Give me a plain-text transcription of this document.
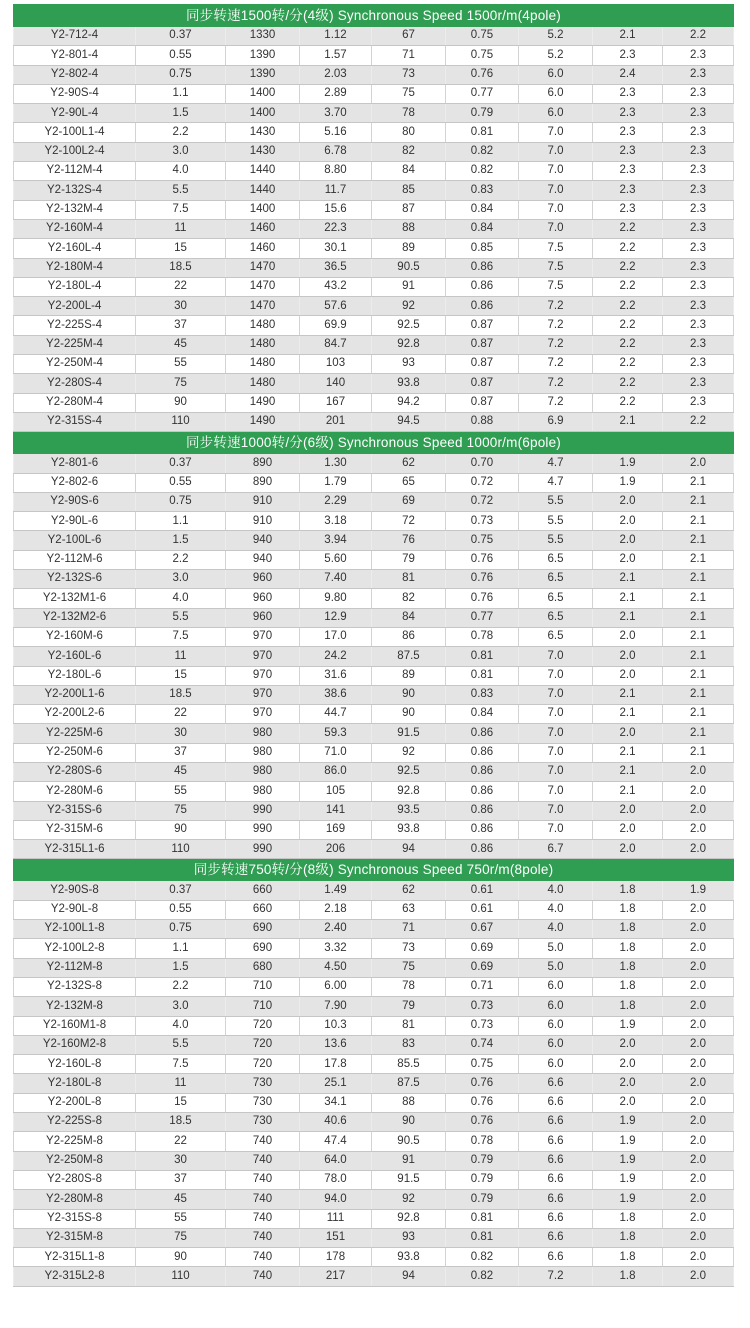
同步转速1500转/分(4级) Synchronous Speed 1500r/m(4pole)								
Y2-712-4	0.37	1330	1.12	67	0.75	5.2	2.1	2.2
Y2-801-4	0.55	1390	1.57	71	0.75	5.2	2.3	2.3
Y2-802-4	0.75	1390	2.03	73	0.76	6.0	2.4	2.3
Y2-90S-4	1.1	1400	2.89	75	0.77	6.0	2.3	2.3
Y2-90L-4	1.5	1400	3.70	78	0.79	6.0	2.3	2.3
Y2-100L1-4	2.2	1430	5.16	80	0.81	7.0	2.3	2.3
Y2-100L2-4	3.0	1430	6.78	82	0.82	7.0	2.3	2.3
Y2-112M-4	4.0	1440	8.80	84	0.82	7.0	2.3	2.3
Y2-132S-4	5.5	1440	11.7	85	0.83	7.0	2.3	2.3
Y2-132M-4	7.5	1400	15.6	87	0.84	7.0	2.3	2.3
Y2-160M-4	11	1460	22.3	88	0.84	7.0	2.2	2.3
Y2-160L-4	15	1460	30.1	89	0.85	7.5	2.2	2.3
Y2-180M-4	18.5	1470	36.5	90.5	0.86	7.5	2.2	2.3
Y2-180L-4	22	1470	43.2	91	0.86	7.5	2.2	2.3
Y2-200L-4	30	1470	57.6	92	0.86	7.2	2.2	2.3
Y2-225S-4	37	1480	69.9	92.5	0.87	7.2	2.2	2.3
Y2-225M-4	45	1480	84.7	92.8	0.87	7.2	2.2	2.3
Y2-250M-4	55	1480	103	93	0.87	7.2	2.2	2.3
Y2-280S-4	75	1480	140	93.8	0.87	7.2	2.2	2.3
Y2-280M-4	90	1490	167	94.2	0.87	7.2	2.2	2.3
Y2-315S-4	110	1490	201	94.5	0.88	6.9	2.1	2.2
同步转速1000转/分(6级) Synchronous Speed 1000r/m(6pole)								
Y2-801-6	0.37	890	1.30	62	0.70	4.7	1.9	2.0
Y2-802-6	0.55	890	1.79	65	0.72	4.7	1.9	2.1
Y2-90S-6	0.75	910	2.29	69	0.72	5.5	2.0	2.1
Y2-90L-6	1.1	910	3.18	72	0.73	5.5	2.0	2.1
Y2-100L-6	1.5	940	3.94	76	0.75	5.5	2.0	2.1
Y2-112M-6	2.2	940	5.60	79	0.76	6.5	2.0	2.1
Y2-132S-6	3.0	960	7.40	81	0.76	6.5	2.1	2.1
Y2-132M1-6	4.0	960	9.80	82	0.76	6.5	2.1	2.1
Y2-132M2-6	5.5	960	12.9	84	0.77	6.5	2.1	2.1
Y2-160M-6	7.5	970	17.0	86	0.78	6.5	2.0	2.1
Y2-160L-6	11	970	24.2	87.5	0.81	7.0	2.0	2.1
Y2-180L-6	15	970	31.6	89	0.81	7.0	2.0	2.1
Y2-200L1-6	18.5	970	38.6	90	0.83	7.0	2.1	2.1
Y2-200L2-6	22	970	44.7	90	0.84	7.0	2.1	2.1
Y2-225M-6	30	980	59.3	91.5	0.86	7.0	2.0	2.1
Y2-250M-6	37	980	71.0	92	0.86	7.0	2.1	2.1
Y2-280S-6	45	980	86.0	92.5	0.86	7.0	2.1	2.0
Y2-280M-6	55	980	105	92.8	0.86	7.0	2.1	2.0
Y2-315S-6	75	990	141	93.5	0.86	7.0	2.0	2.0
Y2-315M-6	90	990	169	93.8	0.86	7.0	2.0	2.0
Y2-315L1-6	110	990	206	94	0.86	6.7	2.0	2.0
同步转速750转/分(8级) Synchronous Speed 750r/m(8pole)								
Y2-90S-8	0.37	660	1.49	62	0.61	4.0	1.8	1.9
Y2-90L-8	0.55	660	2.18	63	0.61	4.0	1.8	2.0
Y2-100L1-8	0.75	690	2.40	71	0.67	4.0	1.8	2.0
Y2-100L2-8	1.1	690	3.32	73	0.69	5.0	1.8	2.0
Y2-112M-8	1.5	680	4.50	75	0.69	5.0	1.8	2.0
Y2-132S-8	2.2	710	6.00	78	0.71	6.0	1.8	2.0
Y2-132M-8	3.0	710	7.90	79	0.73	6.0	1.8	2.0
Y2-160M1-8	4.0	720	10.3	81	0.73	6.0	1.9	2.0
Y2-160M2-8	5.5	720	13.6	83	0.74	6.0	2.0	2.0
Y2-160L-8	7.5	720	17.8	85.5	0.75	6.0	2.0	2.0
Y2-180L-8	11	730	25.1	87.5	0.76	6.6	2.0	2.0
Y2-200L-8	15	730	34.1	88	0.76	6.6	2.0	2.0
Y2-225S-8	18.5	730	40.6	90	0.76	6.6	1.9	2.0
Y2-225M-8	22	740	47.4	90.5	0.78	6.6	1.9	2.0
Y2-250M-8	30	740	64.0	91	0.79	6.6	1.9	2.0
Y2-280S-8	37	740	78.0	91.5	0.79	6.6	1.9	2.0
Y2-280M-8	45	740	94.0	92	0.79	6.6	1.9	2.0
Y2-315S-8	55	740	111	92.8	0.81	6.6	1.8	2.0
Y2-315M-8	75	740	151	93	0.81	6.6	1.8	2.0
Y2-315L1-8	90	740	178	93.8	0.82	6.6	1.8	2.0
Y2-315L2-8	110	740	217	94	0.82	7.2	1.8	2.0
